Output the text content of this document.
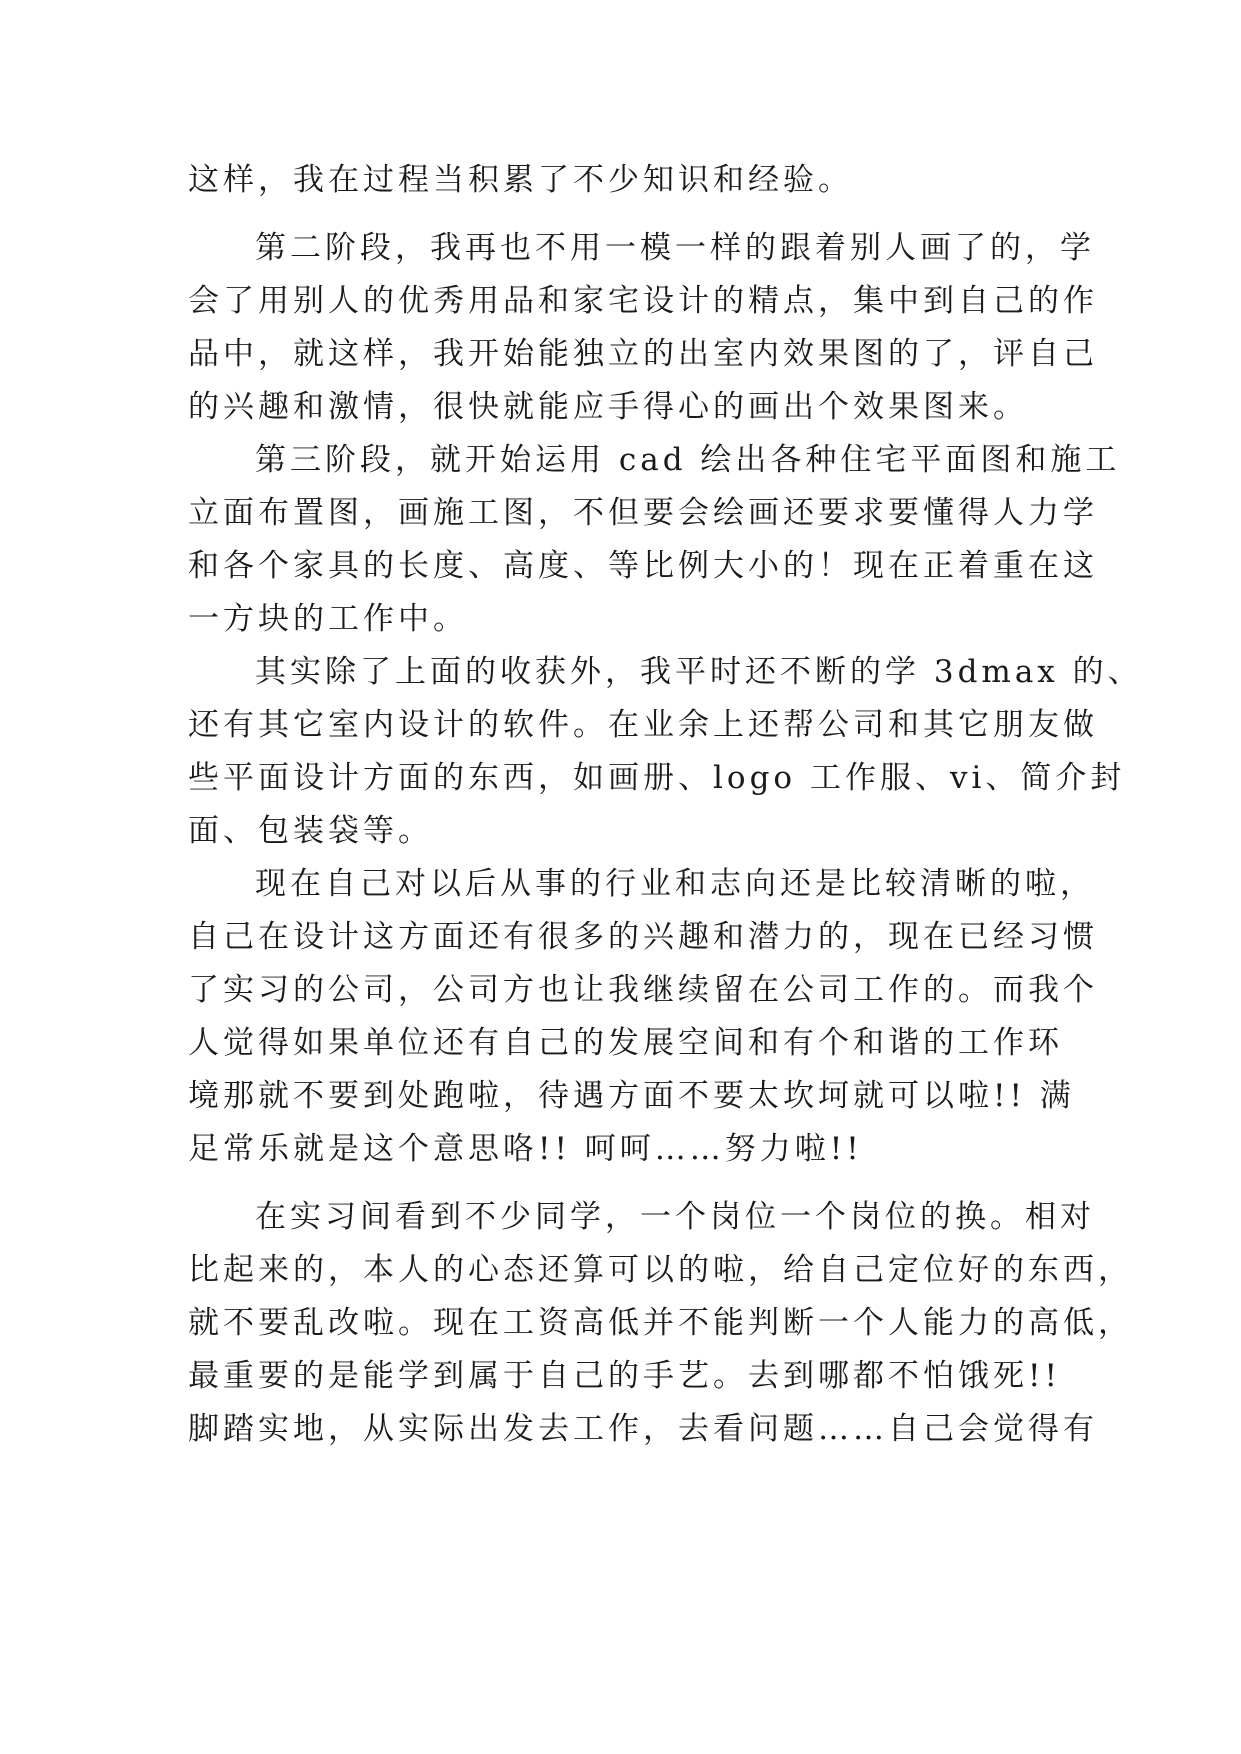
这样，我在过程当积累了不少知识和经验。
第二阶段，我再也不用一模一样的跟着别人画了的，学
会了用别人的优秀用品和家宅设计的精点，集中到自己的作
品中，就这样，我开始能独立的出室内效果图的了，评自己
的兴趣和激情，很快就能应手得心的画出个效果图来。
第三阶段，就开始运用 cad 绘出各种住宅平面图和施工
立面布置图，画施工图，不但要会绘画还要求要懂得人力学
和各个家具的长度、高度、等比例大小的！现在正着重在这
一方块的工作中。
其实除了上面的收获外，我平时还不断的学 3dmax 的、
还有其它室内设计的软件。在业余上还帮公司和其它朋友做
些平面设计方面的东西，如画册、logo 工作服、vi、简介封
面、包装袋等。
现在自己对以后从事的行业和志向还是比较清晰的啦，
自己在设计这方面还有很多的兴趣和潜力的，现在已经习惯
了实习的公司，公司方也让我继续留在公司工作的。而我个
人觉得如果单位还有自己的发展空间和有个和谐的工作环
境那就不要到处跑啦，待遇方面不要太坎坷就可以啦!! 满
足常乐就是这个意思咯!! 呵呵……努力啦!!
在实习间看到不少同学，一个岗位一个岗位的换。相对
比起来的，本人的心态还算可以的啦，给自己定位好的东西，
就不要乱改啦。现在工资高低并不能判断一个人能力的高低，
最重要的是能学到属于自己的手艺。去到哪都不怕饿死!!
脚踏实地，从实际出发去工作，去看问题……自己会觉得有
